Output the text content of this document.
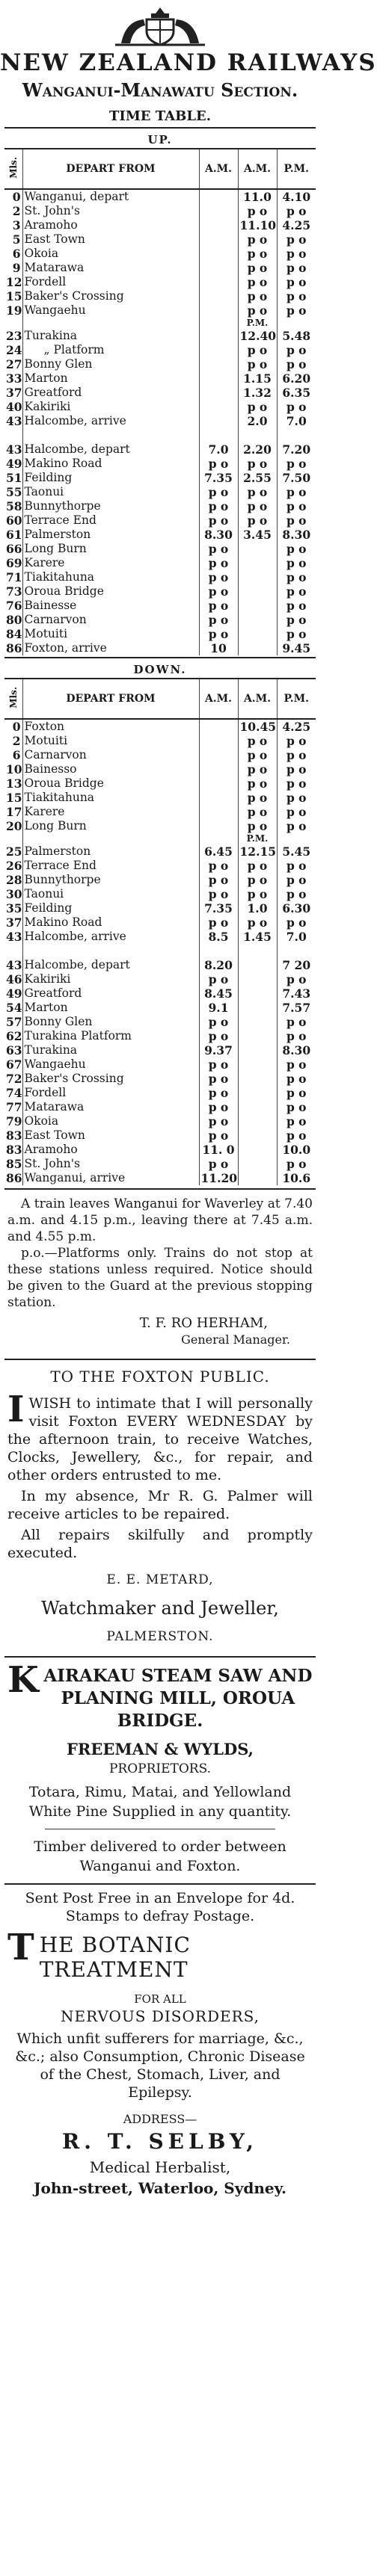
NEW ZEALAND RAILWAYS
Wanganui-Manawatu Section.
TIME TABLE.
UP.
Mls.	DEPART FROM	A.M.	A.M.	P.M.
0	Wanganui, depart		11.0	4.10
2	St. John's		p o	p o
3	Aramoho		11.10	4.25
5	East Town		p o	p o
6	Okoia		p o	p o
9	Matarawa		p o	p o
12	Fordell		p o	p o
15	Baker's Crossing		p o	p o
19	Wangaehu		p o	p o
			P.M.	
23	Turakina		12.40	5.48
24	„ Platform		p o	p o
27	Bonny Glen		p o	p o
33	Marton		1.15	6.20
37	Greatford		1.32	6.35
40	Kakiriki		p o	p o
43	Halcombe, arrive		2.0	7.0

43	Halcombe, depart	7.0	2.20	7.20
49	Makino Road	p o	p o	p o
51	Feilding	7.35	2.55	7.50
55	Taonui	p o	p o	p o
58	Bunnythorpe	p o	p o	p o
60	Terrace End	p o	p o	p o
61	Palmerston	8.30	3.45	8.30
66	Long Burn	p o		p o
69	Karere	p o		p o
71	Tiakitahuna	p o		p o
73	Oroua Bridge	p o		p o
76	Bainesse	p o		p o
80	Carnarvon	p o		p o
84	Motuiti	p o		p o
86	Foxton, arrive	10		9.45
DOWN.
Mls.	DEPART FROM	A.M.	A.M.	P.M.
0	Foxton		10.45	4.25
2	Motuiti		p o	p o
6	Carnarvon		p o	p o
10	Bainesso		p o	p o
13	Oroua Bridge		p o	p o
15	Tiakitahuna		p o	p o
17	Karere		p o	p o
20	Long Burn		p o	p o
			P.M.	
25	Palmerston	6.45	12.15	5.45
26	Terrace End	p o	p o	p o
28	Bunnythorpe	p o	p o	p o
30	Taonui	p o	p o	p o
35	Feilding	7.35	1.0	6.30
37	Makino Road	p o	p o	p o
43	Halcombe, arrive	8.5	1.45	7.0

43	Halcombe, depart	8.20		7 20
46	Kakiriki	p o		p o
49	Greatford	8.45		7.43
54	Marton	9.1		7.57
57	Bonny Glen	p o		p o
62	Turakina Platform	p o		p o
63	Turakina	9.37		8.30
67	Wangaehu	p o		p o
72	Baker's Crossing	p o		p o
74	Fordell	p o		p o
77	Matarawa	p o		p o
79	Okoia	p o		p o
83	East Town	p o		p o
83	Aramoho	11. 0		10.0
85	St. John's	p o		p o
86	Wanganui, arrive	11.20		10.6

A train leaves Wanganui for Waverley at 7.40 a.m. and 4.15 p.m., leaving there at 7.45 a.m. and 4.55 p.m.

p.o.—Platforms only. Trains do not stop at these stations unless required. Notice should be given to the Guard at the previous stopping station.

T. F. RO HERHAM,
General Manager.
TO THE FOXTON PUBLIC.

IWISH to intimate that I will personally visit Foxton EVERY WEDNESDAY by the afternoon train, to receive Watches, Clocks, Jewellery, &c., for repair, and other orders entrusted to me.

In my absence, Mr R. G. Palmer will receive articles to be repaired.

All repairs skilfully and promptly executed.

E. E. METARD,
Watchmaker and Jeweller,
PALMERSTON.
KAIRAKAU STEAM SAW AND PLANING MILL, OROUA BRIDGE.
FREEMAN & WYLDS,
PROPRIETORS.
Totara, Rimu, Matai, and Yellowland White Pine Supplied in any quantity.
Timber delivered to order between Wanganui and Foxton.
Sent Post Free in an Envelope for 4d. Stamps to defray Postage.
THE BOTANIC TREATMENT
FOR ALL
NERVOUS DISORDERS,
Which unfit sufferers for marriage, &c., &c.; also Consumption, Chronic Disease of the Chest, Stomach, Liver, and Epilepsy.
ADDRESS—
R. T. SELBY,
Medical Herbalist,
John-street, Waterloo, Sydney.
